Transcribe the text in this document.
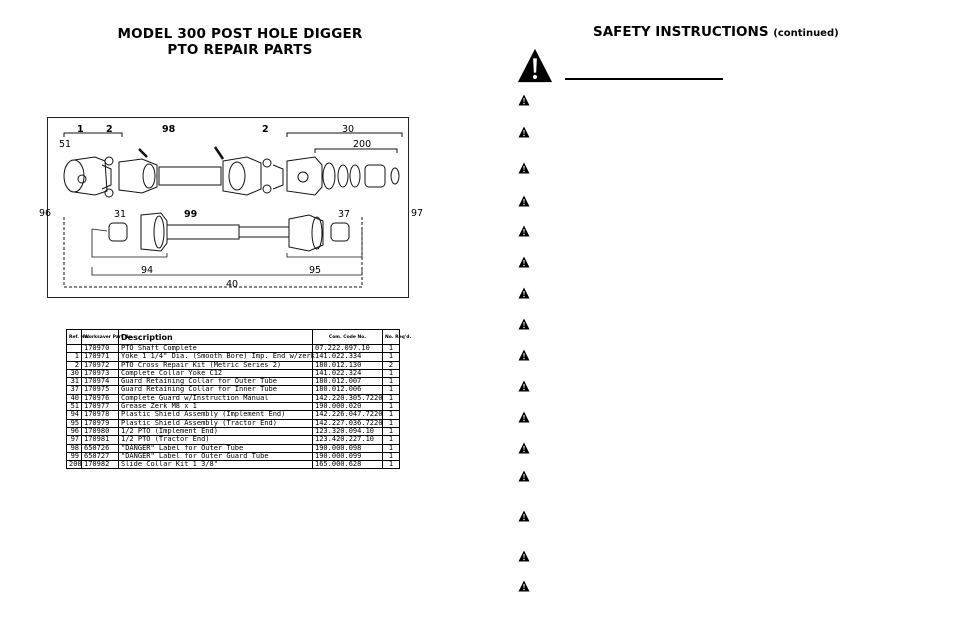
MODEL 300 POST HOLE DIGGER
PTO REPAIR PARTS
1 2	98	2	30
51	200
37
31	99
94	95
40
96	97
Ref. No.	Worksaver Part No.	Description	Com. Code No.	No. Req'd.
	170970	PTO Shaft Complete	07.222.097.10	1
1	170971	Yoke 1 1/4" Dia. (Smooth Bore) Imp. End w/zerk	141.022.334	1
2	170972	PTO Cross Repair Kit (Metric Series 2)	180.012.130	2
30	170973	Complete Collar Yoke C12	141.022.324	1
31	170974	Guard Retaining Collar for Outer Tube	180.012.007	1
37	170975	Guard Retaining Collar for Inner Tube	180.012.006	1
40	170976	Complete Guard w/Instruction Manual	142.220.305.7220	1
51	170977	Grease Zerk M8 x 1	190.000.020	1
94	170978	Plastic Shield Assembly (Implement End)	142.226.047.7220	1
95	170979	Plastic Shield Assembly (Tractor End)	142.227.036.7220	1
96	170980	1/2 PTO (Implement End)	123.320.094.10	1
97	170981	1/2 PTO (Tractor End)	123.420.227.10	1
98	650726	"DANGER" Label for Outer Tube	190.000.098	1
99	650727	"DANGER" Label for Outer Guard Tube	190.000.099	1
200	170982	Slide Collar Kit 1 3/8"	165.000.628	1
SAFETY INSTRUCTIONS (continued)
